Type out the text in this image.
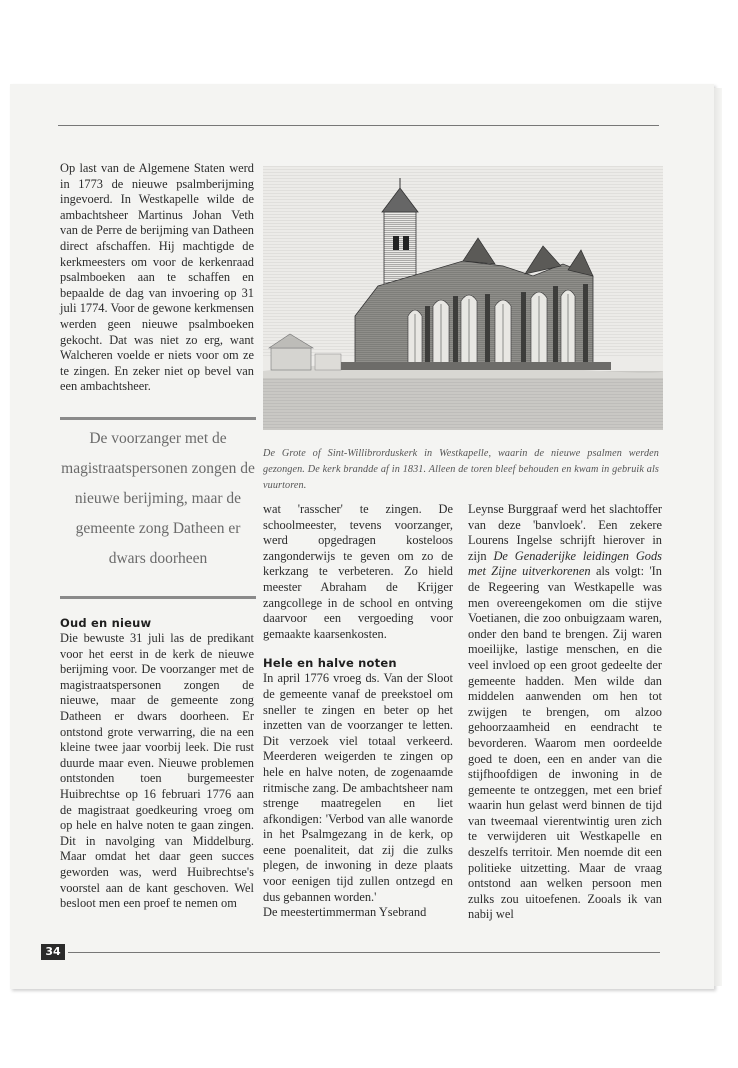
Op last van de Algemene Staten werd in 1773 de nieuwe psalmberijming ingevoerd. In Westkapelle wilde de ambachtsheer Martinus Johan Veth van de Perre de berijming van Datheen direct afschaffen. Hij machtigde de kerkmeesters om voor de kerkenraad psalmboeken aan te schaffen en bepaalde de dag van invoering op 31 juli 1774. Voor de gewone kerkmensen werden geen nieuwe psalmboeken gekocht. Dat was niet zo erg, want Walcheren voelde er niets voor om ze te zingen. En zeker niet op bevel van een ambachtsheer.

De voorzanger met de magistraatspersonen zongen de nieuwe berijming, maar de gemeente zong Datheen er dwars doorheen

Oud en nieuw

Die bewuste 31 juli las de predikant voor het eerst in de kerk de nieuwe berijming voor. De voorzanger met de magistraatspersonen zongen de nieuwe, maar de gemeente zong Datheen er dwars doorheen. Er ontstond grote verwarring, die na een kleine twee jaar voorbij leek. Die rust duurde maar even. Nieuwe problemen ontstonden toen burgemeester Huibrechtse op 16 februari 1776 aan de magistraat goedkeuring vroeg om op hele en halve noten te gaan zingen. Dit in navolging van Middelburg. Maar omdat het daar geen succes geworden was, werd Huibrechtse's voorstel aan de kant geschoven. Wel besloot men een proef te nemen om

De Grote of Sint-Willibrorduskerk in Westkapelle, waarin de nieuwe psalmen werden gezongen. De kerk brandde af in 1831. Alleen de toren bleef behouden en kwam in gebruik als vuurtoren.

wat 'rasscher' te zingen. De schoolmeester, tevens voorzanger, werd opgedragen kosteloos zangonderwijs te geven om zo de kerkzang te verbeteren. Zo hield meester Abraham de Krijger zangcollege in de school en ontving daarvoor een vergoeding voor gemaakte kaarsenkosten.

Hele en halve noten

In april 1776 vroeg ds. Van der Sloot de gemeente vanaf de preekstoel om sneller te zingen en beter op het inzetten van de voorzanger te letten. Dit verzoek viel totaal verkeerd. Meerderen weigerden te zingen op hele en halve noten, de zogenaamde ritmische zang. De ambachtsheer nam strenge maatregelen en liet afkondigen: 'Verbod van alle wanorde in het Psalmgezang in de kerk, op eene poenaliteit, dat zij die zulks plegen, de inwoning in deze plaats voor eenigen tijd zullen ontzegd en dus gebannen worden.'

De meestertimmerman Ysebrand

Leynse Burggraaf werd het slachtoffer van deze 'banvloek'. Een zekere Lourens Ingelse schrijft hierover in zijn De Genaderijke leidingen Gods met Zijne uitverkorenen als volgt: 'In de Regeering van Westkapelle was men overeengekomen om die stijve Voetianen, die zoo onbuigzaam waren, onder den band te brengen. Zij waren moeilijke, lastige menschen, en die veel invloed op een groot gedeelte der gemeente hadden. Men wilde dan middelen aanwenden om hen tot zwijgen te brengen, om alzoo gehoorzaamheid en eendracht te bevorderen. Waarom men oordeelde goed te doen, een en ander van die stijfhoofdigen de inwoning in de gemeente te ontzeggen, met een brief waarin hun gelast werd binnen de tijd van tweemaal vierentwintig uren zich te verwijderen uit Westkapelle en deszelfs territoir. Men noemde dit een politieke uitzetting. Maar de vraag ontstond aan welken persoon men zulks zou uitoefenen. Zooals ik van nabij wel

34
